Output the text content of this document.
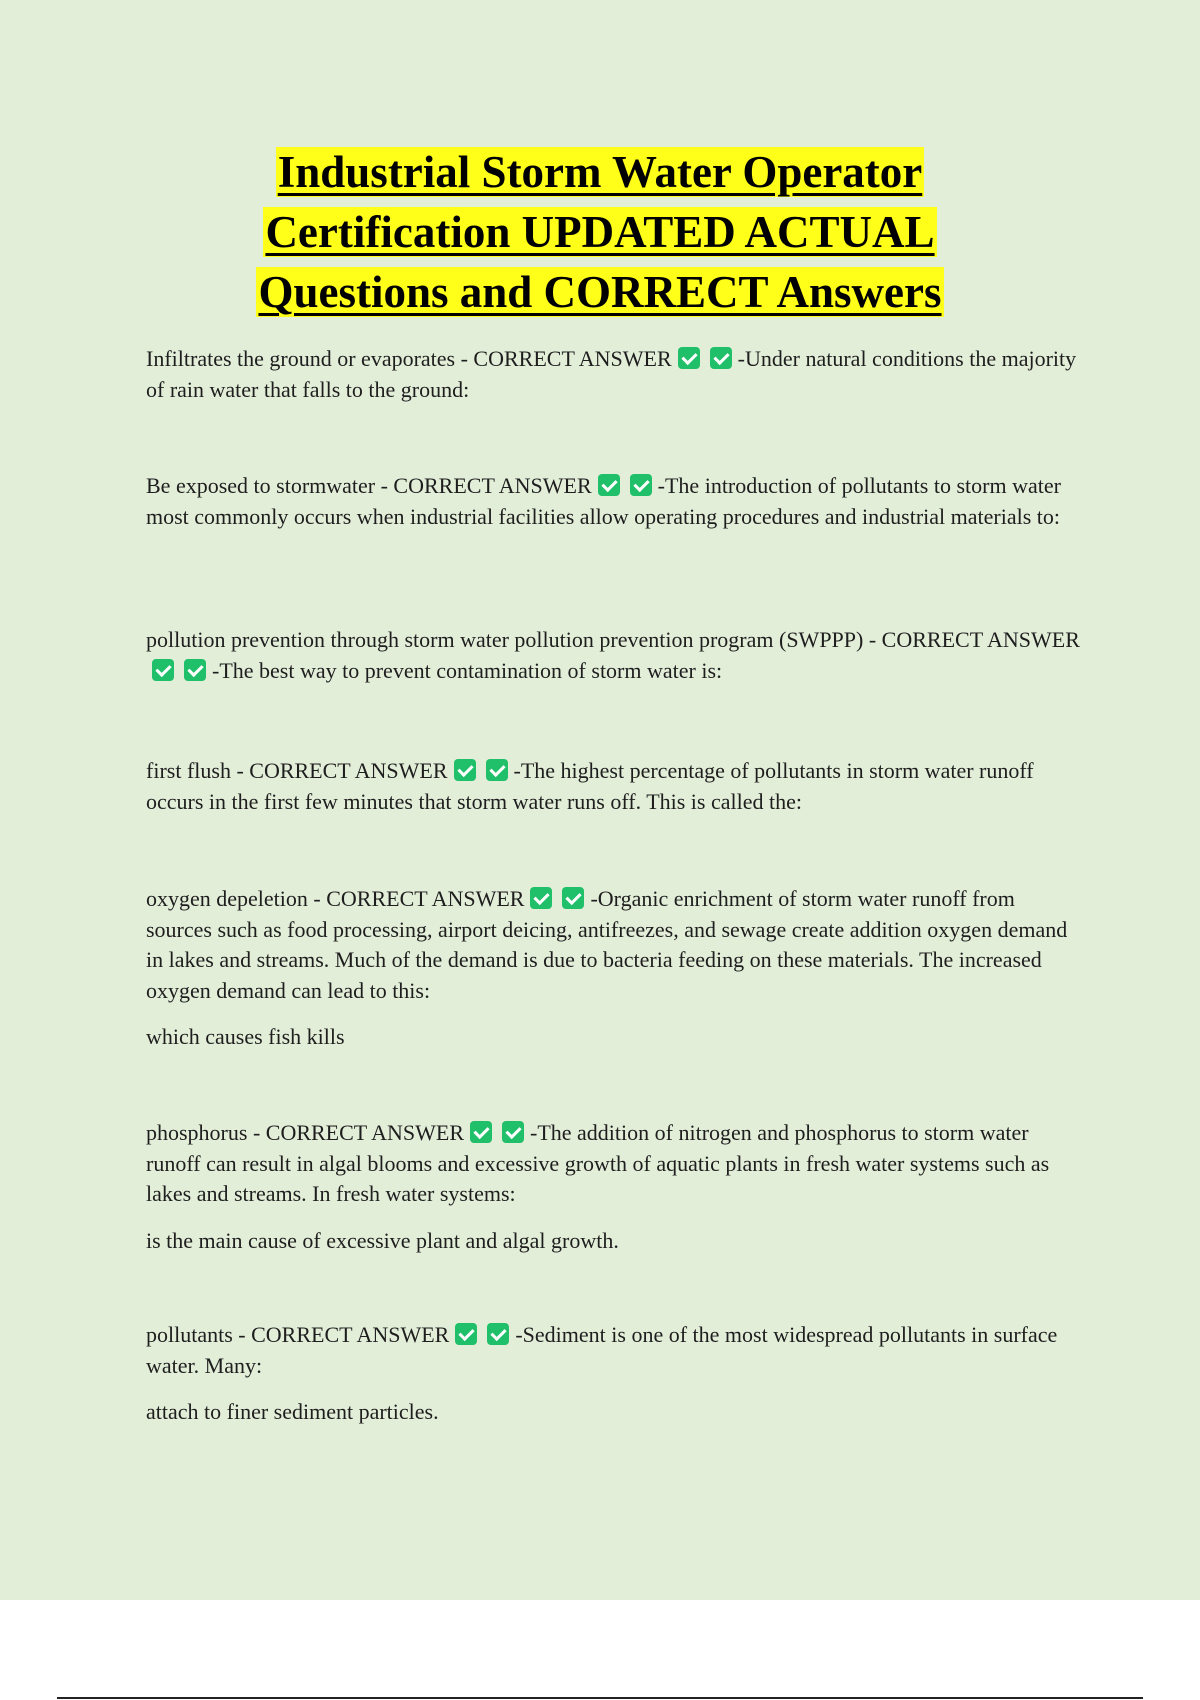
Industrial Storm Water Operator
Certification UPDATED ACTUAL
Questions and CORRECT Answers

Infiltrates the ground or evaporates - CORRECT ANSWER	-Under natural conditions the majority of rain water that falls to the ground:

Be exposed to stormwater - CORRECT ANSWER	-The introduction of pollutants to storm water most commonly occurs when industrial facilities allow operating procedures and industrial materials to:

pollution prevention through storm water pollution prevention program (SWPPP) - CORRECT ANSWER-The best way to prevent contamination of storm water is:

first flush - CORRECT ANSWER	-The highest percentage of pollutants in storm water runoff occurs in the first few minutes that storm water runs off. This is called the:

oxygen depeletion - CORRECT ANSWER	-Organic enrichment of storm water runoff from sources such as food processing, airport deicing, antifreezes, and sewage create addition oxygen demand in lakes and streams. Much of the demand is due to bacteria feeding on these materials. The increased oxygen demand can lead to this:

which causes fish kills

phosphorus - CORRECT ANSWER	-The addition of nitrogen and phosphorus to storm water runoff can result in algal blooms and excessive growth of aquatic plants in fresh water systems such as lakes and streams. In fresh water systems:

is the main cause of excessive plant and algal growth.

pollutants - CORRECT ANSWER	-Sediment is one of the most widespread pollutants in surface water. Many:

attach to finer sediment particles.
